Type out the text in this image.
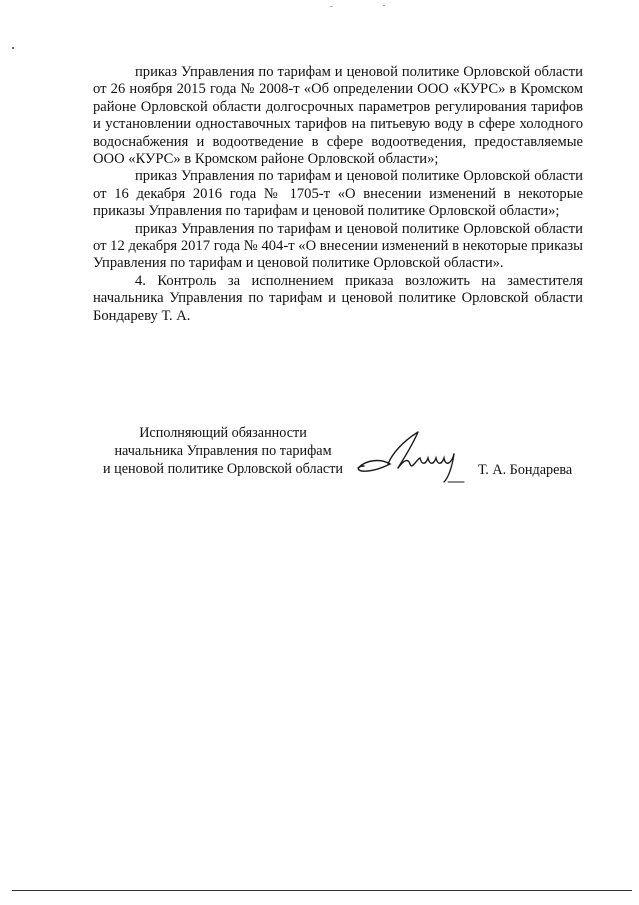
приказ Управления по тарифам и ценовой политике Орловской области от 26 ноября 2015 года № 2008-т «Об определении ООО «КУРС» в Кромском районе Орловской области долгосрочных параметров регулирования тарифов и установлении одноставочных тарифов на питьевую воду в сфере холодного водоснабжения и водоотведение в сфере водоотведения, предоставляемые ООО «КУРС» в Кромском районе Орловской области»;

приказ Управления по тарифам и ценовой политике Орловской области от 16 декабря 2016 года № 1705-т «О внесении изменений в некоторые приказы Управления по тарифам и ценовой политике Орловской области»;

приказ Управления по тарифам и ценовой политике Орловской области от 12 декабря 2017 года № 404-т «О внесении изменений в некоторые приказы Управления по тарифам и ценовой политике Орловской области».

4. Контроль за исполнением приказа возложить на заместителя начальника Управления по тарифам и ценовой политике Орловской области Бондареву Т. А.

Исполняющий обязанности
начальника Управления по тарифам
и ценовой политике Орловской области	Т. А. Бондарева
